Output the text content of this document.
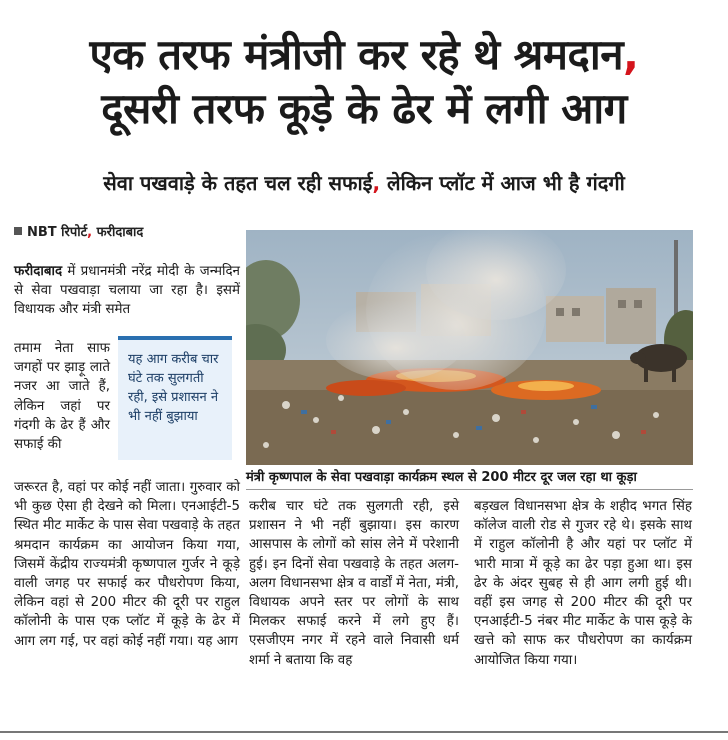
एक तरफ मंत्रीजी कर रहे थे श्रमदान,
दूसरी तरफ कूड़े के ढेर में लगी आग
सेवा पखवाड़े के तहत चल रही सफाई, लेकिन प्लॉट में आज भी है गंदगी
NBT रिपोर्ट, फरीदाबाद

फरीदाबाद में प्रधानमंत्री नरेंद्र मोदी के जन्मदिन से सेवा पखवाड़ा चलाया जा रहा है। इसमें विधायक और मंत्री समेत

तमाम नेता साफ जगहों पर झाड़ू लाते नजर आ जाते हैं, लेकिन जहां पर गंदगी के ढेर हैं और सफाई की

यह आग करीब चार घंटे तक सुलगती रही, इसे प्रशासन ने भी नहीं बुझाया

जरूरत है, वहां पर कोई नहीं जाता। गुरुवार को भी कुछ ऐसा ही देखने को मिला। एनआईटी-5 स्थित मीट मार्केट के पास सेवा पखवाड़े के तहत श्रमदान कार्यक्रम का आयोजन किया गया, जिसमें केंद्रीय राज्यमंत्री कृष्णपाल गुर्जर ने कूड़े वाली जगह पर सफाई कर पौधरोपण किया, लेकिन वहां से 200 मीटर की दूरी पर राहुल कॉलोनी के पास एक प्लॉट में कूड़े के ढेर में आग लग गई, पर वहां कोई नहीं गया। यह आग

मंत्री कृष्णपाल के सेवा पखवाड़ा कार्यक्रम स्थल से 200 मीटर दूर जल रहा था कूड़ा

करीब चार घंटे तक सुलगती रही, इसे प्रशासन ने भी नहीं बुझाया। इस कारण आसपास के लोगों को सांस लेने में परेशानी हुई। इन दिनों सेवा पखवाड़े के तहत अलग-अलग विधानसभा क्षेत्र व वार्डों में नेता, मंत्री, विधायक अपने स्तर पर लोगों के साथ मिलकर सफाई करने में लगे हुए हैं। एसजीएम नगर में रहने वाले निवासी धर्म शर्मा ने बताया कि वह

बड़खल विधानसभा क्षेत्र के शहीद भगत सिंह कॉलेज वाली रोड से गुजर रहे थे। इसके साथ में राहुल कॉलोनी है और यहां पर प्लॉट में भारी मात्रा में कूड़े का ढेर पड़ा हुआ था। इस ढेर के अंदर सुबह से ही आग लगी हुई थी। वहीं इस जगह से 200 मीटर की दूरी पर एनआईटी-5 नंबर मीट मार्केट के पास कूड़े के खत्ते को साफ कर पौधरोपण का कार्यक्रम आयोजित किया गया।
